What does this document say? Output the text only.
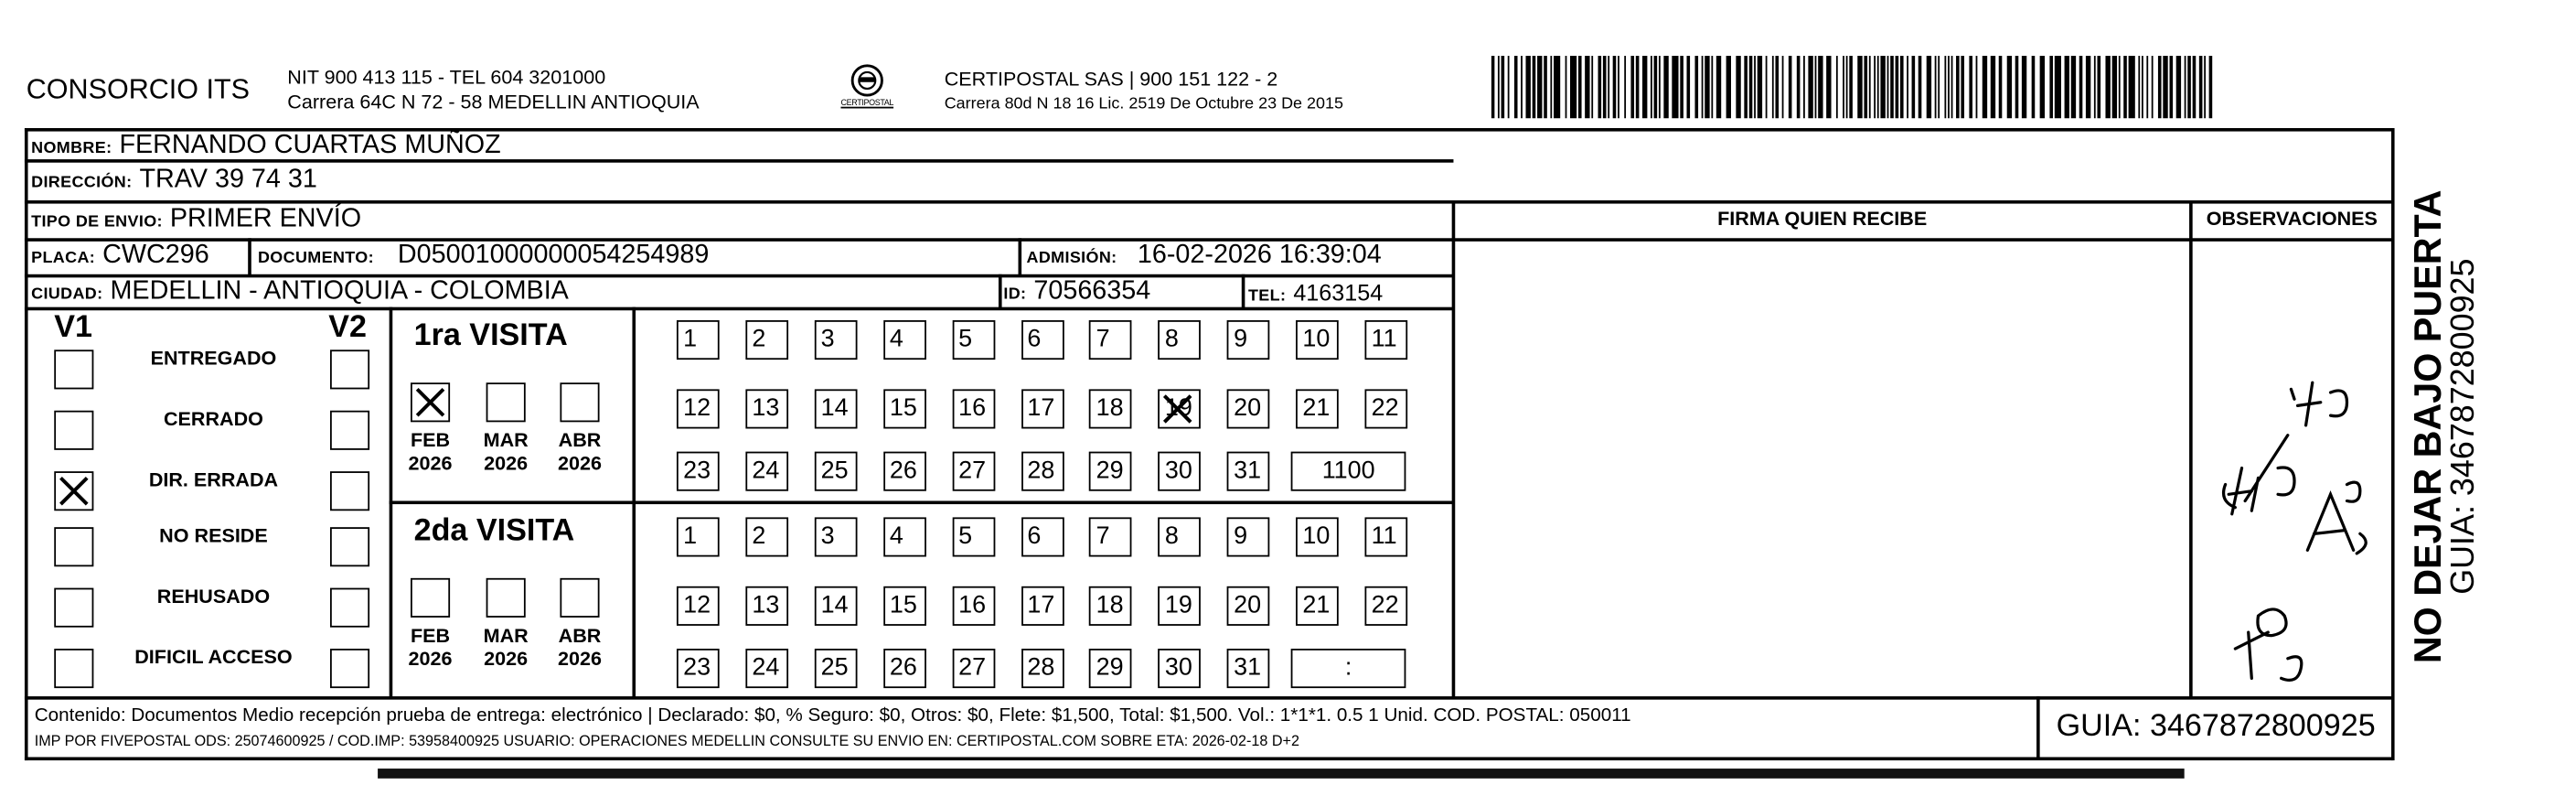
CONSORCIO ITS	NIT 900 413 115 - TEL 604 3201000
Carrera 64C N 72 - 58 MEDELLIN ANTIOQUIA	CERTIPOSTAL
CERTIPOSTAL SAS | 900 151 122 - 2
Carrera 80d N 18 16 Lic. 2519 De Octubre 23 De 2015
NOMBRE: FERNANDO CUARTAS MUÑOZ
DIRECCIÓN: TRAV 39 74 31
TIPO DE ENVIO: PRIMER ENVÍO
PLACA: CWC296	DOCUMENTO: D05001000000054254989	ADMISIÓN: 16-02-2026 16:39:04
CIUDAD: MEDELLIN - ANTIOQUIA - COLOMBIA	ID: 70566354	TEL: 4163154
FIRMA QUIEN RECIBE	OBSERVACIONES
V1	V2
ENTREGADO
CERRADO
DIR. ERRADA
NO RESIDE
REHUSADO
DIFICIL ACCESO
1ra VISITA
FEB
2026
MAR
2026
ABR
2026
1	2	3	4	5	6	7	8	9	10	11
12	13	14	15	16	17	18	19	20	21	22
23	24	25	26	27	28	29	30	31	1100
2da VISITA
FEB
2026
MAR
2026
ABR
2026
1	2	3	4	5	6	7	8	9	10	11
12	13	14	15	16	17	18	19	20	21	22
23	24	25	26	27	28	29	30	31	:
Contenido: Documentos Medio recepción prueba de entrega: electrónico | Declarado: $0, % Seguro: $0, Otros: $0, Flete: $1,500, Total: $1,500. Vol.: 1*1*1. 0.5 1 Unid. COD. POSTAL: 050011
IMP POR FIVEPOSTAL ODS: 25074600925 / COD.IMP: 53958400925 USUARIO: OPERACIONES MEDELLIN CONSULTE SU ENVIO EN: CERTIPOSTAL.COM SOBRE ETA: 2026-02-18 D+2	GUIA: 3467872800925
NO DEJAR BAJO PUERTA
GUIA: 3467872800925
